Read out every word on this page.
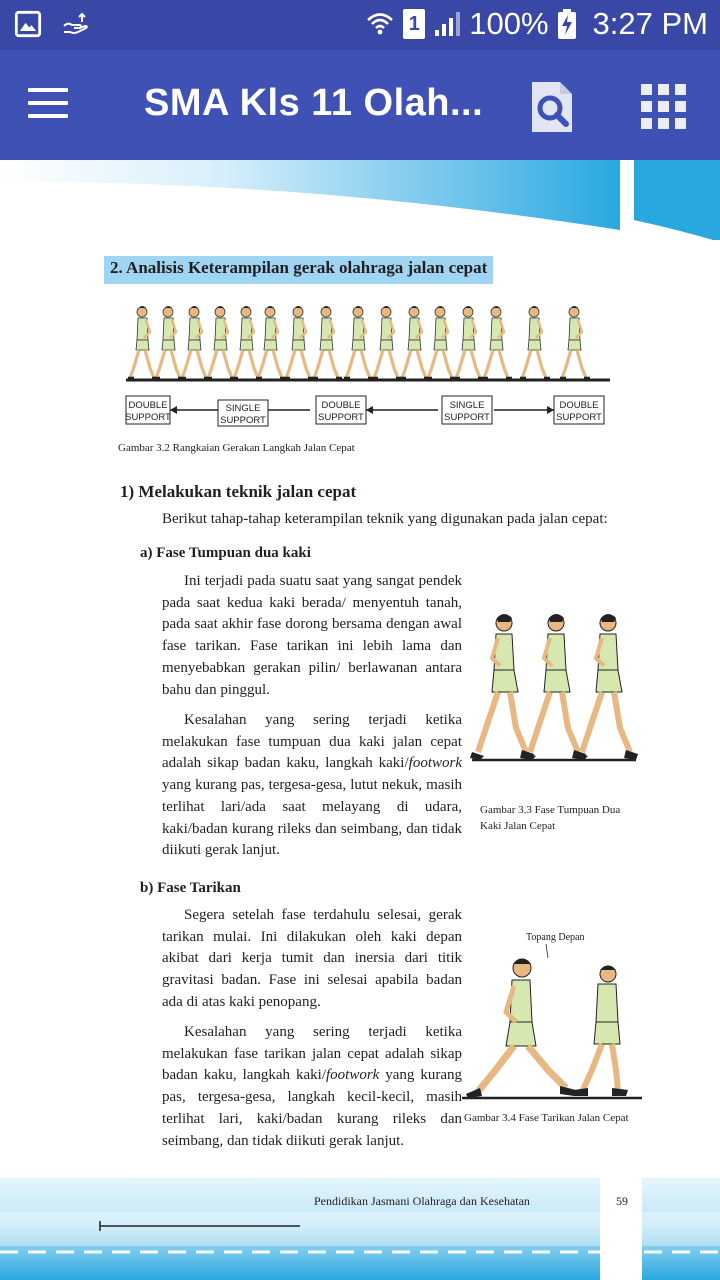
1 100% 3:27 PM
SMA Kls 11 Olah...
2. Analisis Keterampilan gerak olahraga jalan cepat
DOUBLE
SUPPORT
SINGLE
SUPPORT
DOUBLE
SUPPORT
SINGLE
SUPPORT
DOUBLE
SUPPORT
Gambar 3.2 Rangkaian Gerakan Langkah Jalan Cepat
1) Melakukan teknik jalan cepat
Berikut tahap-tahap keterampilan teknik yang digunakan pada jalan cepat:
a) Fase Tumpuan dua kaki
Ini terjadi pada suatu saat yang sangat pendek pada saat kedua kaki berada/ menyentuh tanah, pada saat akhir fase dorong bersama dengan awal fase tarikan. Fase tarikan ini lebih lama dan menyebabkan gerakan pilin/ berlawanan antara bahu dan pinggul.
Kesalahan yang sering terjadi ketika melakukan fase tumpuan dua kaki jalan cepat adalah sikap badan kaku, langkah kaki/footwork yang kurang pas, tergesa-gesa, lutut nekuk, masih terlihat lari/ada saat melayang di udara, kaki/badan kurang rileks dan seimbang, dan tidak diikuti gerak lanjut.
Gambar 3.3 Fase Tumpuan Dua
Kaki Jalan Cepat
b) Fase Tarikan
Segera setelah fase terdahulu selesai, gerak tarikan mulai. Ini dilakukan oleh kaki depan akibat dari kerja tumit dan inersia dari titik gravitasi badan. Fase ini selesai apabila badan ada di atas kaki penopang.
Kesalahan yang sering terjadi ketika melakukan fase tarikan jalan cepat adalah sikap badan kaku, langkah kaki/footwork yang kurang pas, tergesa-gesa, langkah kecil-kecil, masih terlihat lari, kaki/badan kurang rileks dan seimbang, dan tidak diikuti gerak lanjut.
Topang Depan
Gambar 3.4 Fase Tarikan Jalan Cepat
Pendidikan Jasmani Olahraga dan Kesehatan	59
